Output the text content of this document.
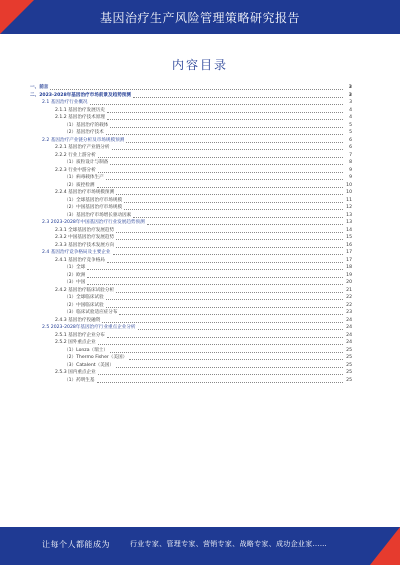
基因治疗生产风险管理策略研究报告
内容目录
一、前言	3
二、2023-2028年基因治疗市场前景及趋势预测	3
2.1 基因治疗行业概况	3
2.1.1 基因治疗发展历史	4
2.1.2 基因治疗技术原理	4
（1）基因治疗的载体	5
（2）基因治疗技术	5
2.2 基因治疗产业链分析及市场规模预测	6
2.2.1 基因治疗产业链分析	6
2.2.2 行业上游分析	7
（1）质粒设计与制备	8
2.2.3 行业中游分析	9
（1）病毒载体生产	9
（2）质控检测	10
2.2.4 基因治疗市场规模预测	10
（1）全球基因治疗市场规模	11
（2）中国基因治疗市场规模	12
（3）基因治疗市场增长驱动因素	13
2.3 2023-2028年中国基因治疗行业发展趋势预测	13
2.3.1 全球基因治疗发展趋势	14
2.3.2 中国基因治疗发展趋势	15
2.3.3 基因治疗技术发展方向	16
2.4 基因治疗竞争格局及主要企业	17
2.4.1 基因治疗竞争格局	17
（1）全球	18
（2）欧洲	19
（3）中国	20
2.4.2 基因治疗临床试验分析	21
（1）全球临床试验	22
（2）中国临床试验	22
（3）临床试验适应症分布	23
2.4.3 基因治疗投融资	24
2.5 2023-2028年基因治疗行业重点企业分析	24
2.5.1 基因治疗企业分布	24
2.5.2 国外重点企业	24
（1）Lonza（瑞士）	25
（2）Thermo Fisher（美国）	25
（3）Catalent（美国）	25
2.5.3 国内重点企业	25
（1）药明生基	25
让每个人都能成为	行业专家、管理专家、营销专家、战略专家、成功企业家……
